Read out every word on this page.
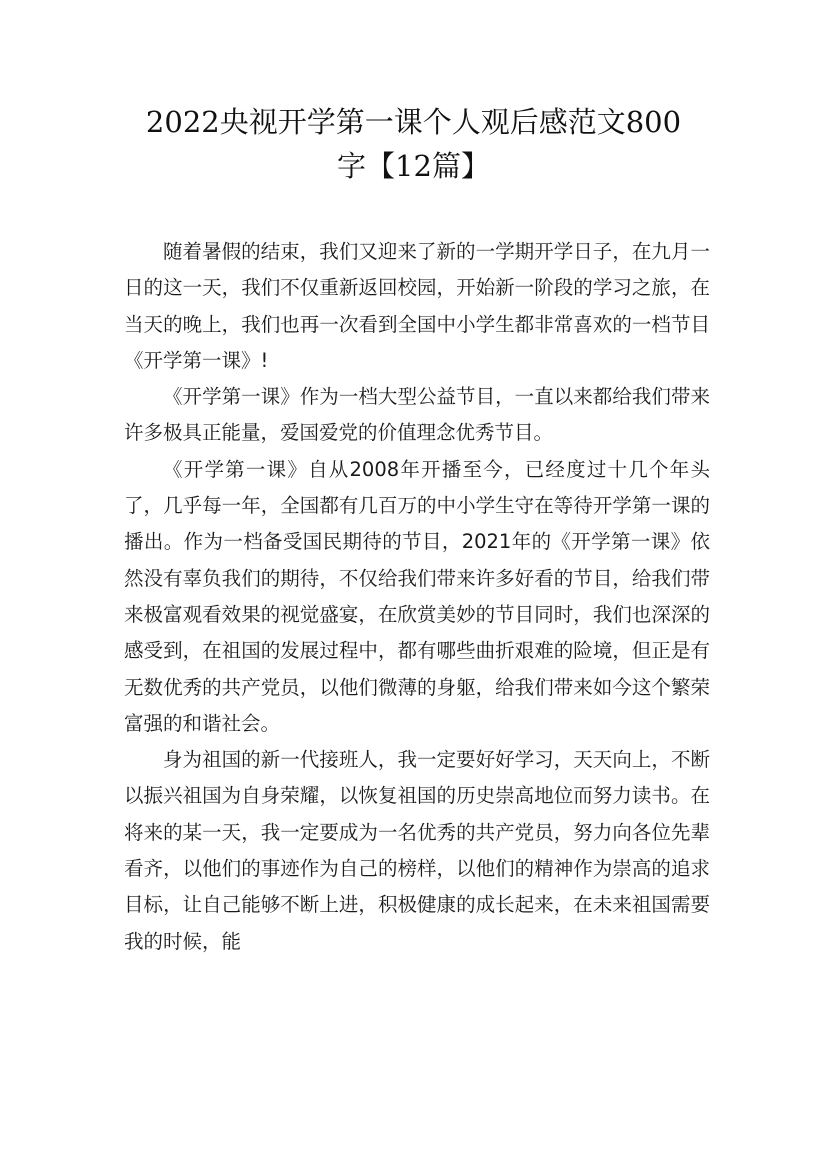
2022央视开学第一课个人观后感范文800
字【12篇】

随着暑假的结束，我们又迎来了新的一学期开学日子，在九月一日的这一天，我们不仅重新返回校园，开始新一阶段的学习之旅，在当天的晚上，我们也再一次看到全国中小学生都非常喜欢的一档节目《开学第一课》!

《开学第一课》作为一档大型公益节目，一直以来都给我们带来许多极具正能量，爱国爱党的价值理念优秀节目。

《开学第一课》自从2008年开播至今，已经度过十几个年头了，几乎每一年，全国都有几百万的中小学生守在等待开学第一课的播出。作为一档备受国民期待的节目，2021年的《开学第一课》依然没有辜负我们的期待，不仅给我们带来许多好看的节目，给我们带来极富观看效果的视觉盛宴，在欣赏美妙的节目同时，我们也深深的感受到，在祖国的发展过程中，都有哪些曲折艰难的险境，但正是有无数优秀的共产党员，以他们微薄的身躯，给我们带来如今这个繁荣富强的和谐社会。

身为祖国的新一代接班人，我一定要好好学习，天天向上，不断以振兴祖国为自身荣耀，以恢复祖国的历史崇高地位而努力读书。在将来的某一天，我一定要成为一名优秀的共产党员，努力向各位先辈看齐，以他们的事迹作为自己的榜样，以他们的精神作为崇高的追求目标，让自己能够不断上进，积极健康的成长起来，在未来祖国需要我的时候，能
